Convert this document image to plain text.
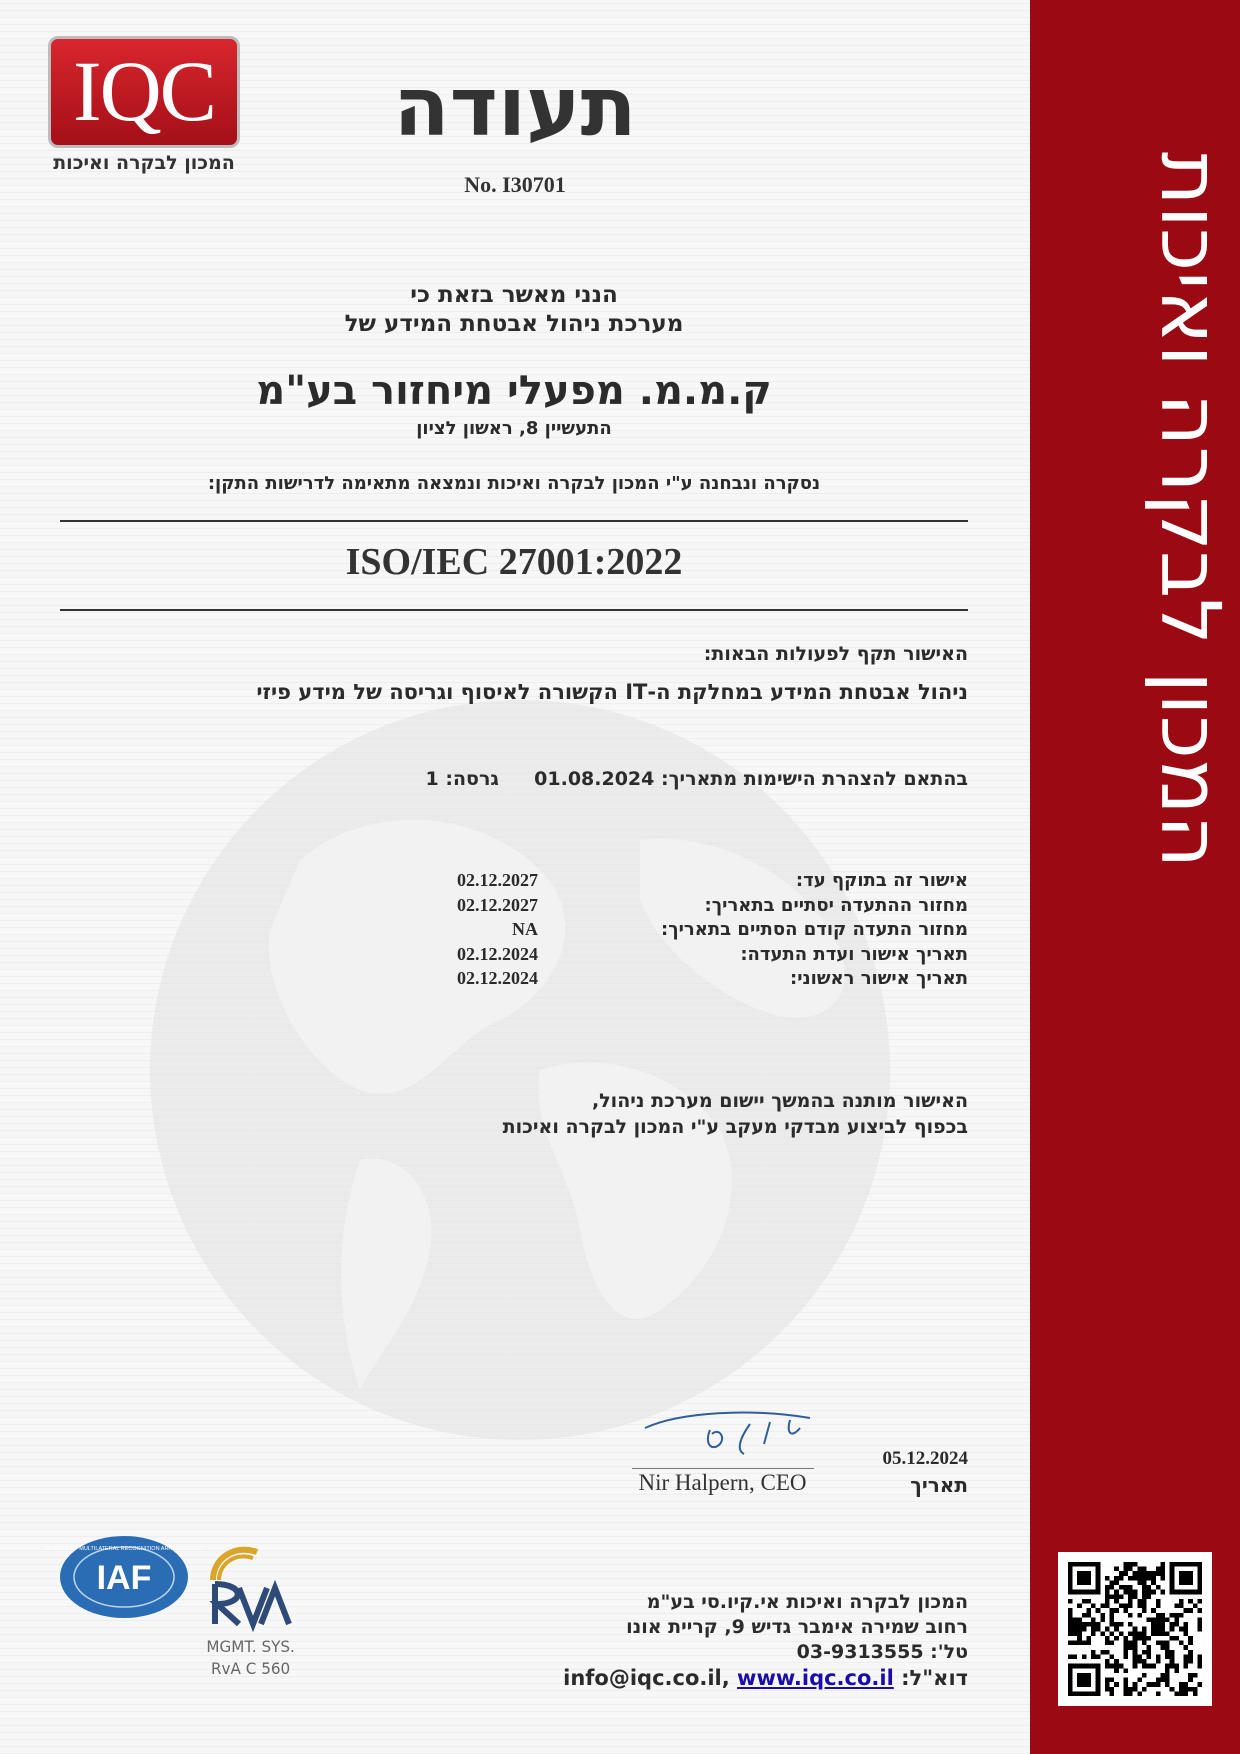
המכון לבקרה ואיכות
IQC
המכון לבקרה ואיכות
תעודה
No. I30701
הנני מאשר בזאת כי
מערכת ניהול אבטחת המידע של
ק.מ.מ. מפעלי מיחזור בע"מ
התעשיין 8, ראשון לציון
נסקרה ונבחנה ע"י המכון לבקרה ואיכות ונמצאה מתאימה לדרישות התקן:
ISO/IEC 27001:2022
האישור תקף לפעולות הבאות:
ניהול אבטחת המידע במחלקת ה-IT הקשורה לאיסוף וגריסה של מידע פיזי
בהתאם להצהרת הישימות מתאריך: 01.08.2024  גרסה: 1
אישור זה בתוקף עד:
02.12.2027
מחזור ההתעדה יסתיים בתאריך:
02.12.2027
מחזור התעדה קודם הסתיים בתאריך:
NA
תאריך אישור ועדת התעדה:
02.12.2024
תאריך אישור ראשוני:
02.12.2024
האישור מותנה בהמשך יישום מערכת ניהול,
בכפוף לביצוע מבדקי מעקב ע"י המכון לבקרה ואיכות
Nir Halpern, CEO
05.12.2024
תאריך
IAF
MEMBER OF MULTILATERAL RECOGNITION ARRANGEMENT
MGMT. SYS.
RvA C 560
המכון לבקרה ואיכות אי.קיו.סי בע"מ
רחוב שמירה אימבר גדיש 9, קריית אונו
טל': 03-9313555
דוא"ל: info@iqc.co.il, www.iqc.co.il
